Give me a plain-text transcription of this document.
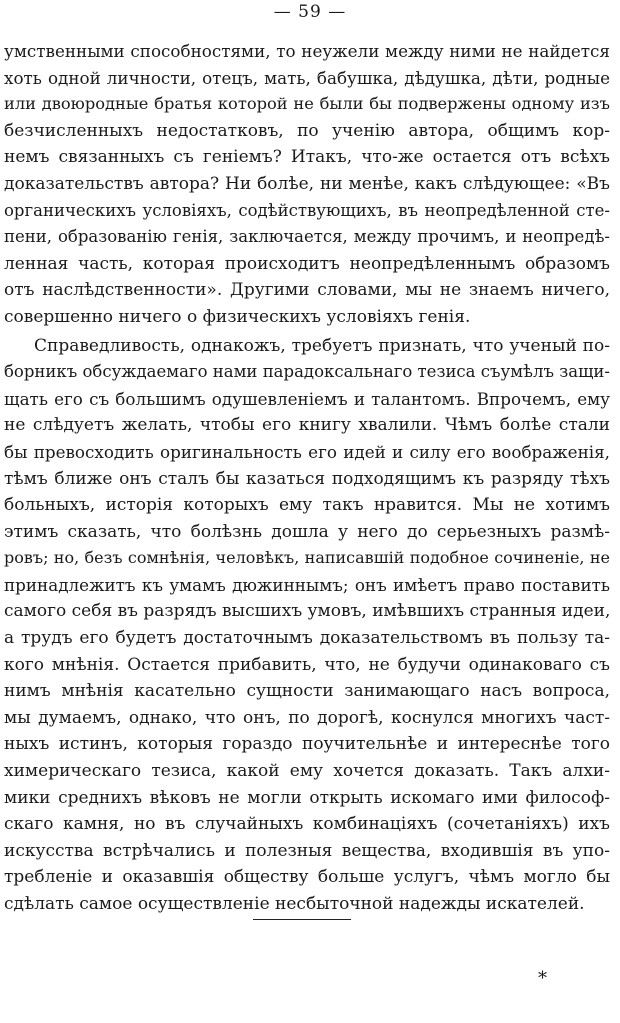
— 59 —
умственными способностями, то неужели между ними не найдется
хоть одной личности, отецъ, мать, бабушка, дѣдушка, дѣти, родные
или двоюродные братья которой не были бы подвержены одному изъ
безчисленныхъ недостатковъ, по ученію автора, общимъ кор-
немъ связанныхъ съ геніемъ? Итакъ, что-же остается отъ всѣхъ
доказательствъ автора? Ни болѣе, ни менѣе, какъ слѣдующее: «Въ
органическихъ условіяхъ, содѣйствующихъ, въ неопредѣленной сте-
пени, образованію генія, заключается, между прочимъ, и неопредѣ-
ленная часть, которая происходитъ неопредѣленнымъ образомъ
отъ наслѣдственности». Другими словами, мы не знаемъ ничего,
совершенно ничего о физическихъ условіяхъ генія.
Справедливость, однакожъ, требуетъ признать, что ученый по-
борникъ обсуждаемаго нами парадоксальнаго тезиса съумѣлъ защи-
щать его съ большимъ одушевленіемъ и талантомъ. Впрочемъ, ему
не слѣдуетъ желать, чтобы его книгу хвалили. Чѣмъ болѣе стали
бы превосходить оригинальность его идей и силу его воображенія,
тѣмъ ближе онъ сталъ бы казаться подходящимъ къ разряду тѣхъ
больныхъ, исторія которыхъ ему такъ нравится. Мы не хотимъ
этимъ сказать, что болѣзнь дошла у него до серьезныхъ размѣ-
ровъ; но, безъ сомнѣнія, человѣкъ, написавшій подобное сочиненіе, не
принадлежитъ къ умамъ дюжиннымъ; онъ имѣетъ право поставить
самого себя въ разрядъ высшихъ умовъ, имѣвшихъ странныя идеи,
а трудъ его будетъ достаточнымъ доказательствомъ въ пользу та-
кого мнѣнія. Остается прибавить, что, не будучи одинаковаго съ
нимъ мнѣнія касательно сущности занимающаго насъ вопроса,
мы думаемъ, однако, что онъ, по дорогѣ, коснулся многихъ част-
ныхъ истинъ, которыя гораздо поучительнѣе и интереснѣе того
химерическаго тезиса, какой ему хочется доказать. Такъ алхи-
мики среднихъ вѣковъ не могли открыть искомаго ими философ-
скаго камня, но въ случайныхъ комбинаціяхъ (сочетаніяхъ) ихъ
искусства встрѣчались и полезныя вещества, входившія въ упо-
требленіе и оказавшія обществу больше услугъ, чѣмъ могло бы
сдѣлать самое осуществленіе несбыточной надежды искателей.
*
